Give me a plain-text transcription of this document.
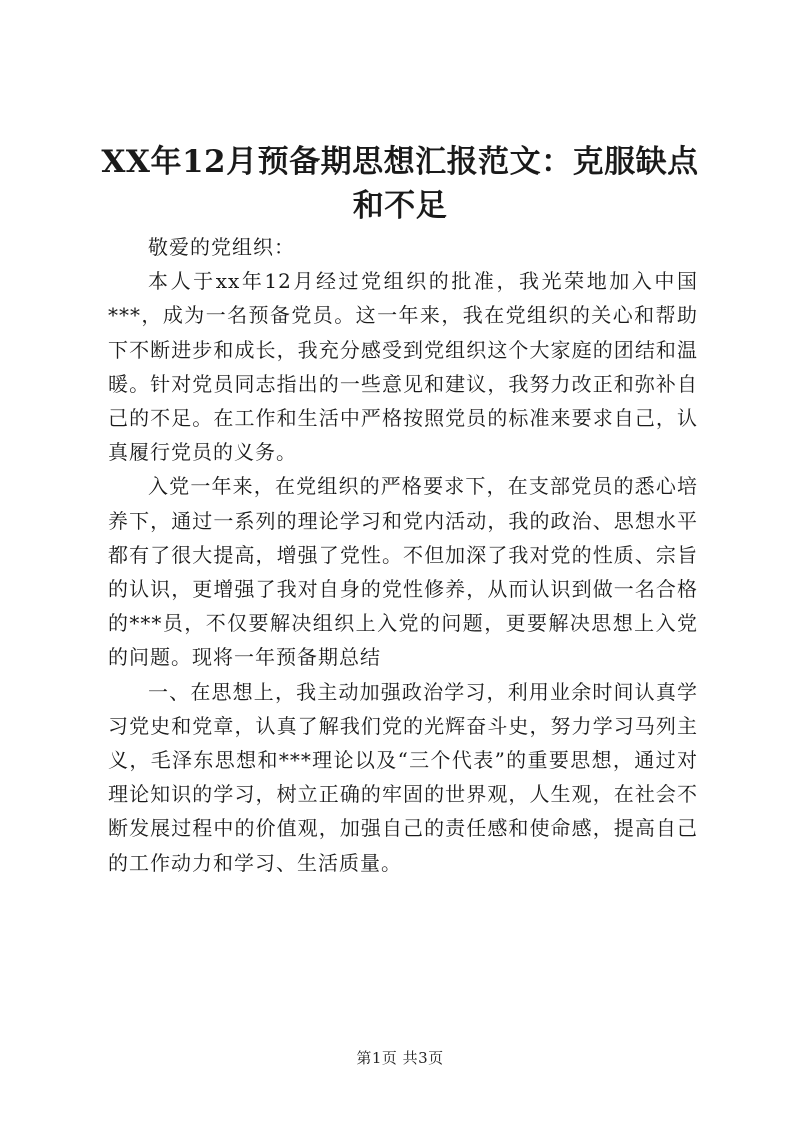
XX年12月预备期思想汇报范文：克服缺点和不足

敬爱的党组织：

本人于xx年12月经过党组织的批准，我光荣地加入中国***，成为一名预备党员。这一年来，我在党组织的关心和帮助下不断进步和成长，我充分感受到党组织这个大家庭的团结和温暖。针对党员同志指出的一些意见和建议，我努力改正和弥补自己的不足。在工作和生活中严格按照党员的标准来要求自己，认真履行党员的义务。

入党一年来，在党组织的严格要求下，在支部党员的悉心培养下，通过一系列的理论学习和党内活动，我的政治、思想水平都有了很大提高，增强了党性。不但加深了我对党的性质、宗旨的认识，更增强了我对自身的党性修养，从而认识到做一名合格的***员，不仅要解决组织上入党的问题，更要解决思想上入党的问题。现将一年预备期总结

一、在思想上，我主动加强政治学习，利用业余时间认真学习党史和党章，认真了解我们党的光辉奋斗史，努力学习马列主义，毛泽东思想和***理论以及“三个代表”的重要思想，通过对理论知识的学习，树立正确的牢固的世界观，人生观，在社会不断发展过程中的价值观，加强自己的责任感和使命感，提高自己的工作动力和学习、生活质量。

第1页 共3页
